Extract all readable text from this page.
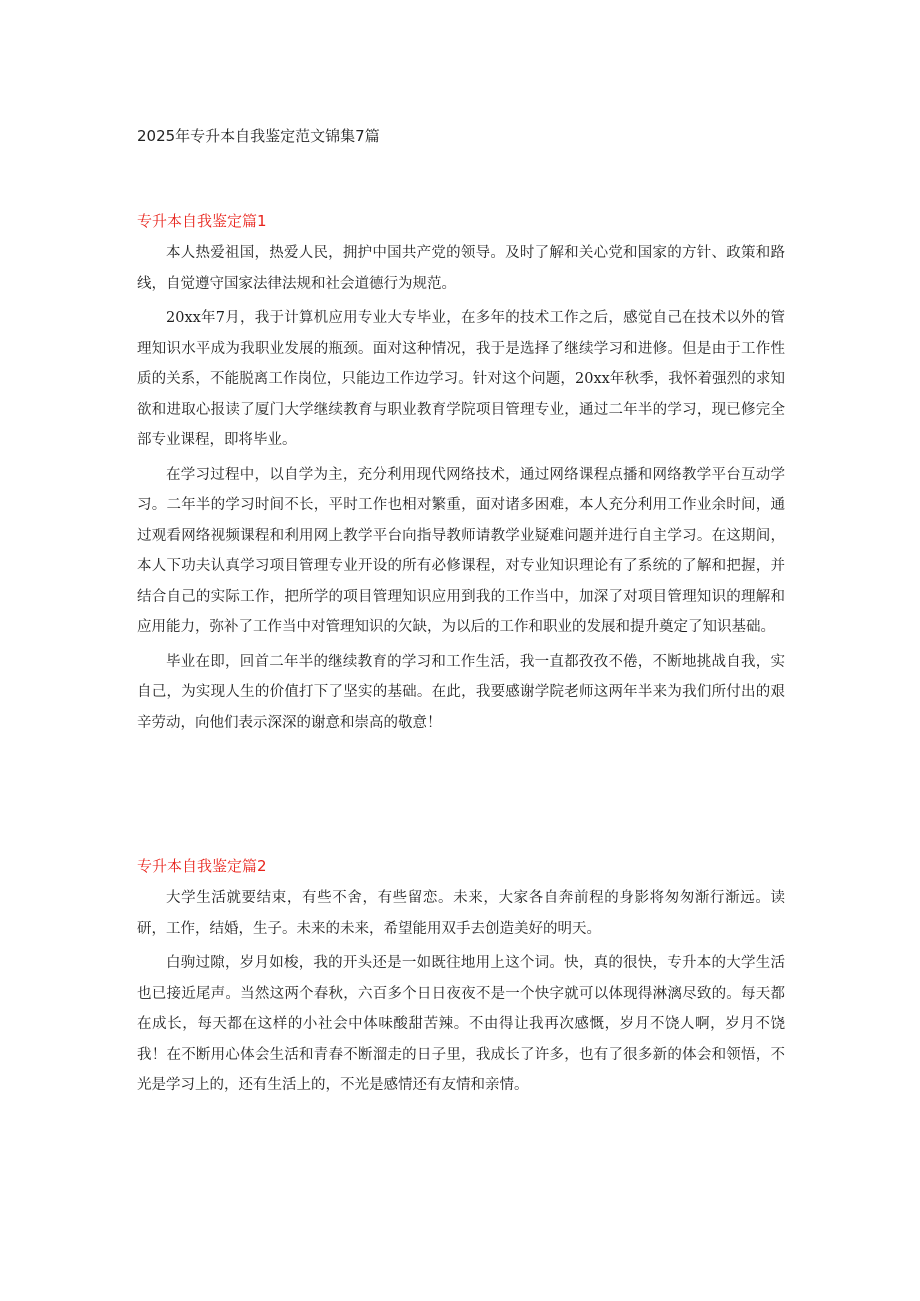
2025年专升本自我鉴定范文锦集7篇
专升本自我鉴定篇1

本人热爱祖国，热爱人民，拥护中国共产党的领导。及时了解和关心党和国家的方针、政策和路线，自觉遵守国家法律法规和社会道德行为规范。

20xx年7月，我于计算机应用专业大专毕业，在多年的技术工作之后，感觉自己在技术以外的管理知识水平成为我职业发展的瓶颈。面对这种情况，我于是选择了继续学习和进修。但是由于工作性质的关系，不能脱离工作岗位，只能边工作边学习。针对这个问题，20xx年秋季，我怀着强烈的求知欲和进取心报读了厦门大学继续教育与职业教育学院项目管理专业，通过二年半的学习，现已修完全部专业课程，即将毕业。

在学习过程中，以自学为主，充分利用现代网络技术，通过网络课程点播和网络教学平台互动学习。二年半的学习时间不长，平时工作也相对繁重，面对诸多困难，本人充分利用工作业余时间，通过观看网络视频课程和利用网上教学平台向指导教师请教学业疑难问题并进行自主学习。在这期间，本人下功夫认真学习项目管理专业开设的所有必修课程，对专业知识理论有了系统的了解和把握，并结合自己的实际工作，把所学的项目管理知识应用到我的工作当中，加深了对项目管理知识的理解和应用能力，弥补了工作当中对管理知识的欠缺，为以后的工作和职业的发展和提升奠定了知识基础。

毕业在即，回首二年半的继续教育的学习和工作生活，我一直都孜孜不倦，不断地挑战自我，实自己，为实现人生的价值打下了坚实的基础。在此，我要感谢学院老师这两年半来为我们所付出的艰辛劳动，向他们表示深深的谢意和崇高的敬意！

专升本自我鉴定篇2

大学生活就要结束，有些不舍，有些留恋。未来，大家各自奔前程的身影将匆匆渐行渐远。读研，工作，结婚，生子。未来的未来，希望能用双手去创造美好的明天。

白驹过隙，岁月如梭，我的开头还是一如既往地用上这个词。快，真的很快，专升本的大学生活也已接近尾声。当然这两个春秋，六百多个日日夜夜不是一个快字就可以体现得淋漓尽致的。每天都在成长，每天都在这样的小社会中体味酸甜苦辣。不由得让我再次感慨，岁月不饶人啊，岁月不饶我！在不断用心体会生活和青春不断溜走的日子里，我成长了许多，也有了很多新的体会和领悟，不光是学习上的，还有生活上的，不光是感情还有友情和亲情。
